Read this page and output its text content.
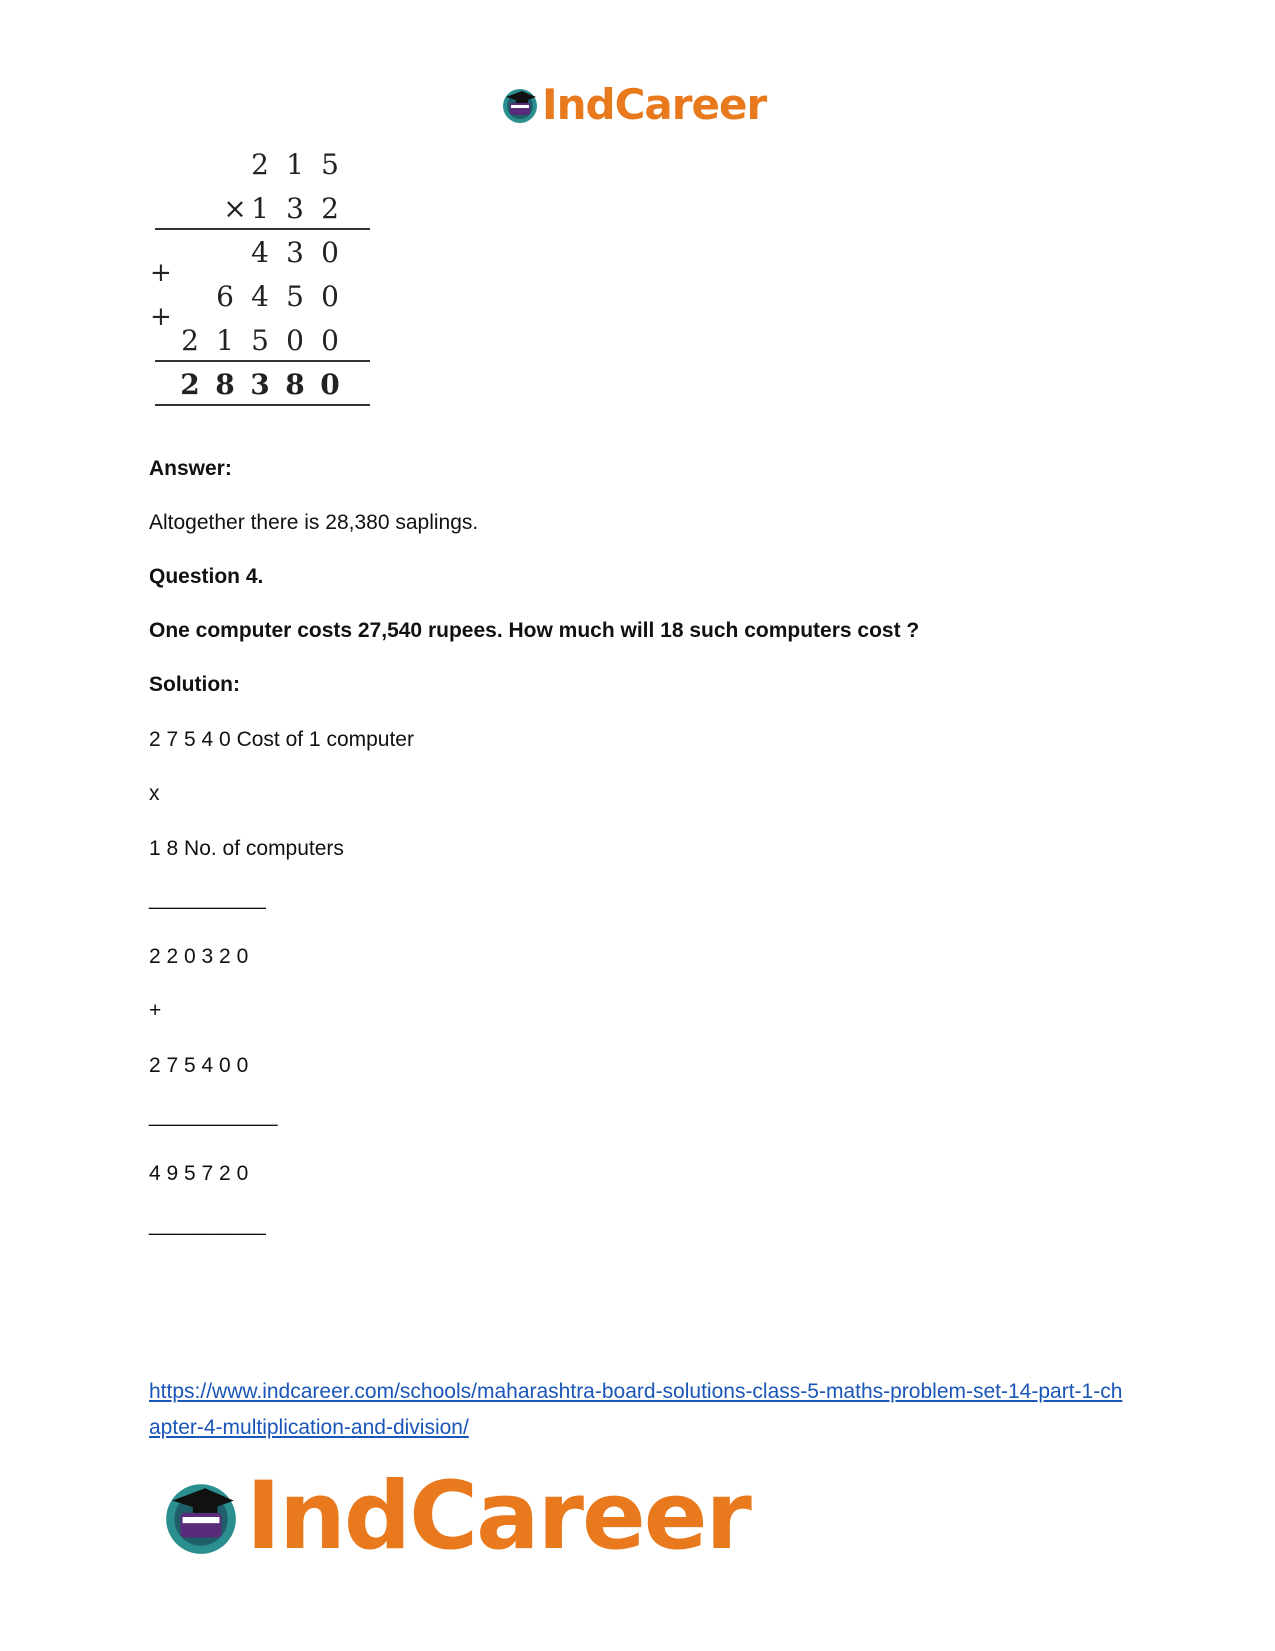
IndCareer
2 1 5
× 1 3 2
4 3 0
+
6 4 5 0
+
2 1 5 0 0
2 8 3 8 0
Answer:
Altogether there is 28,380 saplings.
Question 4.
One computer costs 27,540 rupees. How much will 18 such computers cost ?
Solution:
2 7 5 4 0 Cost of 1 computer
x
1 8 No. of computers
__________
2 2 0 3 2 0
+
2 7 5 4 0 0
___________
4 9 5 7 2 0
__________
https://www.indcareer.com/schools/maharashtra-board-solutions-class-5-maths-problem-set-14-part-1-chapter-4-multiplication-and-division/
IndCareer
